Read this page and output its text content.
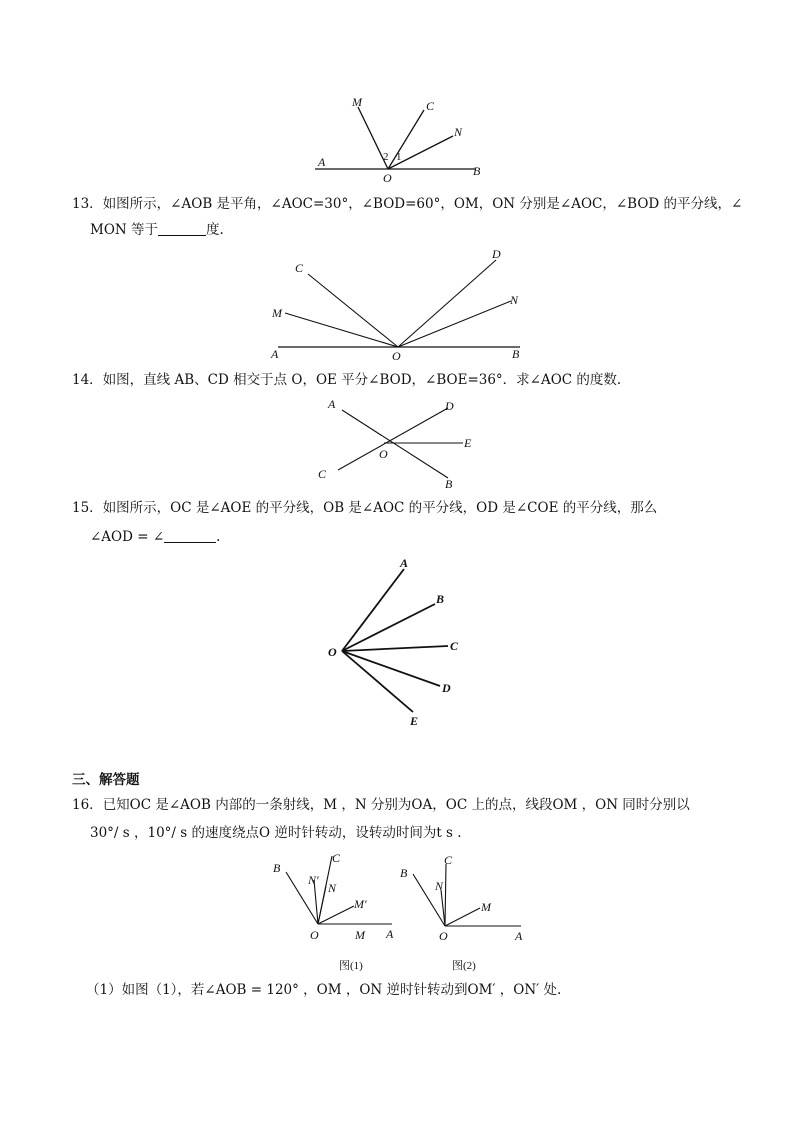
M	C
N
A
O	B
2 1
13．如图所示，∠AOB 是平角，∠AOC=30°，∠BOD=60°，OM，ON 分别是∠AOC，∠BOD 的平分线，∠
MON 等于	度.
C
D
M
N
A	O	B
14．如图，直线 AB、CD 相交于点 O，OE 平分∠BOD，∠BOE=36°．求∠AOC 的度数.
A	D
E
O
C
B
15．如图所示，OC 是∠AOE 的平分线，OB 是∠AOC 的平分线，OD 是∠COE 的平分线，那么
∠AOD = ∠	.
A
B
C
D
E
O
三、解答题
16．已知OC 是∠AOB 内部的一条射线，M ，N 分别为OA，OC 上的点，线段OM ，ON 同时分别以
30°/ s ，10°/ s 的速度绕点O 逆时针转动，设转动时间为t s .
B
C
N′
N
M′
O	M A
图(1)
B
C
N
M
O	A
图(2)
（1）如图（1），若∠AOB = 120° ，OM ，ON 逆时针转动到OM′ ，ON′ 处.
